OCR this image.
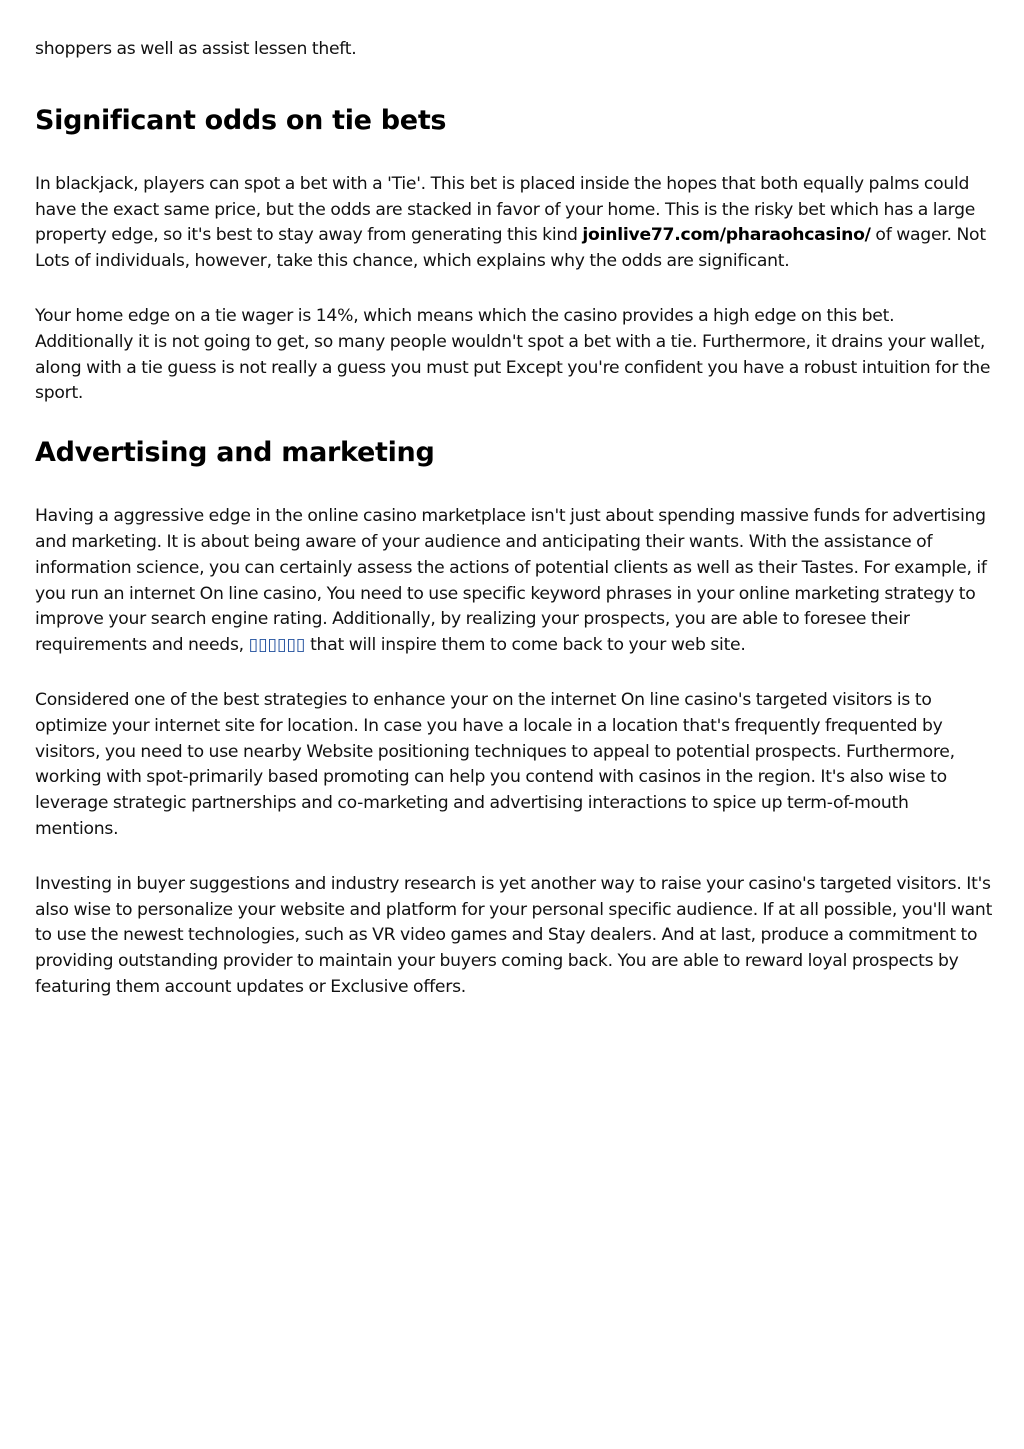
shoppers as well as assist lessen theft.

Significant odds on tie bets

In blackjack, players can spot a bet with a 'Tie'. This bet is placed inside the hopes that both equally palms could have the exact same price, but the odds are stacked in favor of your home. This is the risky bet which has a large property edge, so it's best to stay away from generating this kind joinlive77.com/pharaohcasino/ of wager. Not Lots of individuals, however, take this chance, which explains why the odds are significant.

Your home edge on a tie wager is 14%, which means which the casino provides a high edge on this bet. Additionally it is not going to get, so many people wouldn't spot a bet with a tie. Furthermore, it drains your wallet, along with a tie guess is not really a guess you must put Except you're confident you have a robust intuition for the sport.

Advertising and marketing

Having a aggressive edge in the online casino marketplace isn't just about spending massive funds for advertising and marketing. It is about being aware of your audience and anticipating their wants. With the assistance of information science, you can certainly assess the actions of potential clients as well as their Tastes. For example, if you run an internet On line casino, You need to use specific keyword phrases in your online marketing strategy to improve your search engine rating. Additionally, by realizing your prospects, you are able to foresee their requirements and needs, ▯▯▯▯▯▯ that will inspire them to come back to your web site.

Considered one of the best strategies to enhance your on the internet On line casino's targeted visitors is to optimize your internet site for location. In case you have a locale in a location that's frequently frequented by visitors, you need to use nearby Website positioning techniques to appeal to potential prospects. Furthermore, working with spot-primarily based promoting can help you contend with casinos in the region. It's also wise to leverage strategic partnerships and co-marketing and advertising interactions to spice up term-of-mouth mentions.

Investing in buyer suggestions and industry research is yet another way to raise your casino's targeted visitors. It's also wise to personalize your website and platform for your personal specific audience. If at all possible, you'll want to use the newest technologies, such as VR video games and Stay dealers. And at last, produce a commitment to providing outstanding provider to maintain your buyers coming back. You are able to reward loyal prospects by featuring them account updates or Exclusive offers.
